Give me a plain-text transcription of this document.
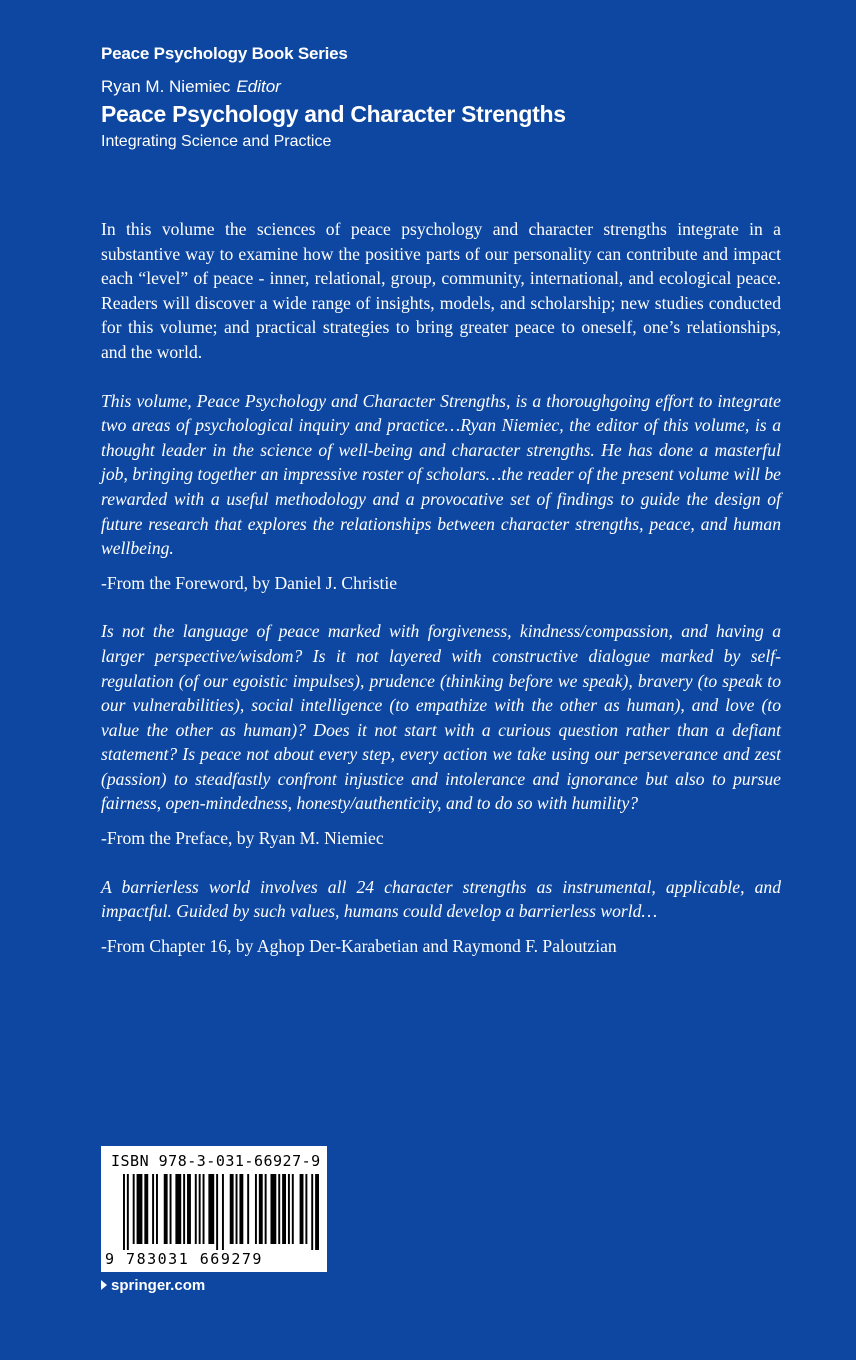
Peace Psychology Book Series
Ryan M. Niemiec Editor
Peace Psychology and Character Strengths
Integrating Science and Practice

In this volume the sciences of peace psychology and character strengths integrate in a substantive way to examine how the positive parts of our personality can contribute and impact each “level” of peace - inner, relational, group, community, international, and ecological peace. Readers will discover a wide range of insights, models, and scholarship; new studies conducted for this volume; and practical strategies to bring greater peace to oneself, one’s relationships, and the world.

This volume, Peace Psychology and Character Strengths, is a thoroughgoing effort to integrate two areas of psychological inquiry and practice…Ryan Niemiec, the editor of this volume, is a thought leader in the science of well-being and character strengths. He has done a masterful job, bringing together an impressive roster of scholars…the reader of the present volume will be rewarded with a useful methodology and a provocative set of findings to guide the design of future research that explores the relationships between character strengths, peace, and human wellbeing.

-From the Foreword, by Daniel J. Christie

Is not the language of peace marked with forgiveness, kindness/compassion, and having a larger perspective/wisdom? Is it not layered with constructive dialogue marked by self-regulation (of our egoistic impulses), prudence (thinking before we speak), bravery (to speak to our vulnerabilities), social intelligence (to empathize with the other as human), and love (to value the other as human)? Does it not start with a curious question rather than a defiant statement? Is peace not about every step, every action we take using our perseverance and zest (passion) to steadfastly confront injustice and intolerance and ignorance but also to pursue fairness, open-mindedness, honesty/authenticity, and to do so with humility?

-From the Preface, by Ryan M. Niemiec

A barrierless world involves all 24 character strengths as instrumental, applicable, and impactful. Guided by such values, humans could develop a barrierless world…

-From Chapter 16, by Aghop Der-Karabetian and Raymond F. Paloutzian

ISBN 978-3-031-66927-9
9 783031 669279
springer.com
